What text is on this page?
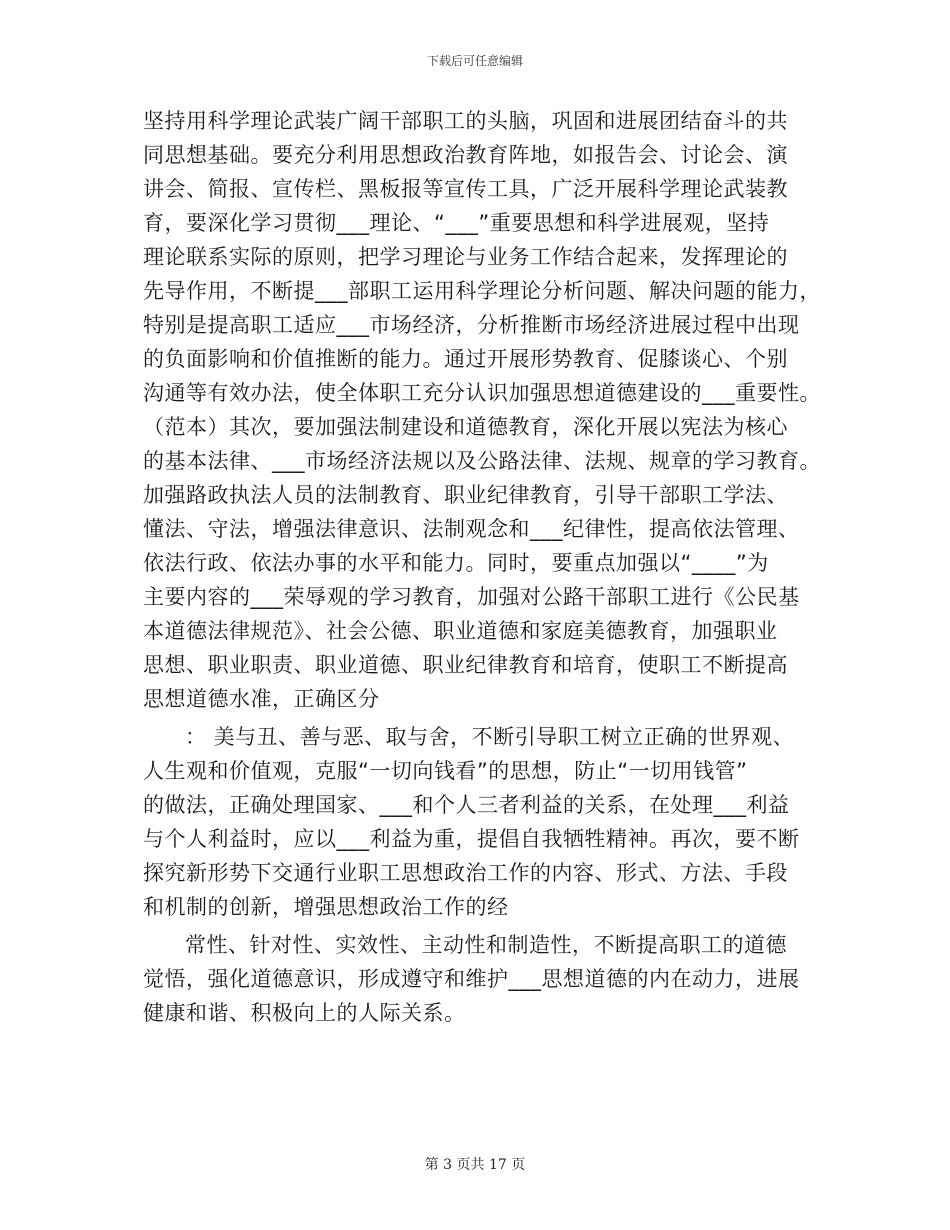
下载后可任意编辑
坚持用科学理论武装广阔干部职工的头脑，巩固和进展团结奋斗的共
同思想基础。要充分利用思想政治教育阵地，如报告会、讨论会、演
讲会、简报、宣传栏、黑板报等宣传工具，广泛开展科学理论武装教
育，要深化学习贯彻___理论、“___”重要思想和科学进展观，坚持
理论联系实际的原则，把学习理论与业务工作结合起来，发挥理论的
先导作用，不断提___部职工运用科学理论分析问题、解决问题的能力，
特别是提高职工适应___市场经济，分析推断市场经济进展过程中出现
的负面影响和价值推断的能力。通过开展形势教育、促膝谈心、个别
沟通等有效办法，使全体职工充分认识加强思想道德建设的___重要性。
（范本）其次，要加强法制建设和道德教育，深化开展以宪法为核心
的基本法律、___市场经济法规以及公路法律、法规、规章的学习教育。
加强路政执法人员的法制教育、职业纪律教育，引导干部职工学法、
懂法、守法，增强法律意识、法制观念和___纪律性，提高依法管理、
依法行政、依法办事的水平和能力。同时，要重点加强以“____”为
主要内容的___荣辱观的学习教育，加强对公路干部职工进行《公民基
本道德法律规范》、社会公德、职业道德和家庭美德教育，加强职业
思想、职业职责、职业道德、职业纪律教育和培育，使职工不断提高
思想道德水准，正确区分
： 美与丑、善与恶、取与舍，不断引导职工树立正确的世界观、
人生观和价值观，克服“一切向钱看”的思想，防止“一切用钱管”
的做法，正确处理国家、___和个人三者利益的关系，在处理___利益
与个人利益时，应以___利益为重，提倡自我牺牲精神。再次，要不断
探究新形势下交通行业职工思想政治工作的内容、形式、方法、手段
和机制的创新，增强思想政治工作的经
常性、针对性、实效性、主动性和制造性，不断提高职工的道德
觉悟，强化道德意识，形成遵守和维护___思想道德的内在动力，进展
健康和谐、积极向上的人际关系。
第 3 页共 17 页
